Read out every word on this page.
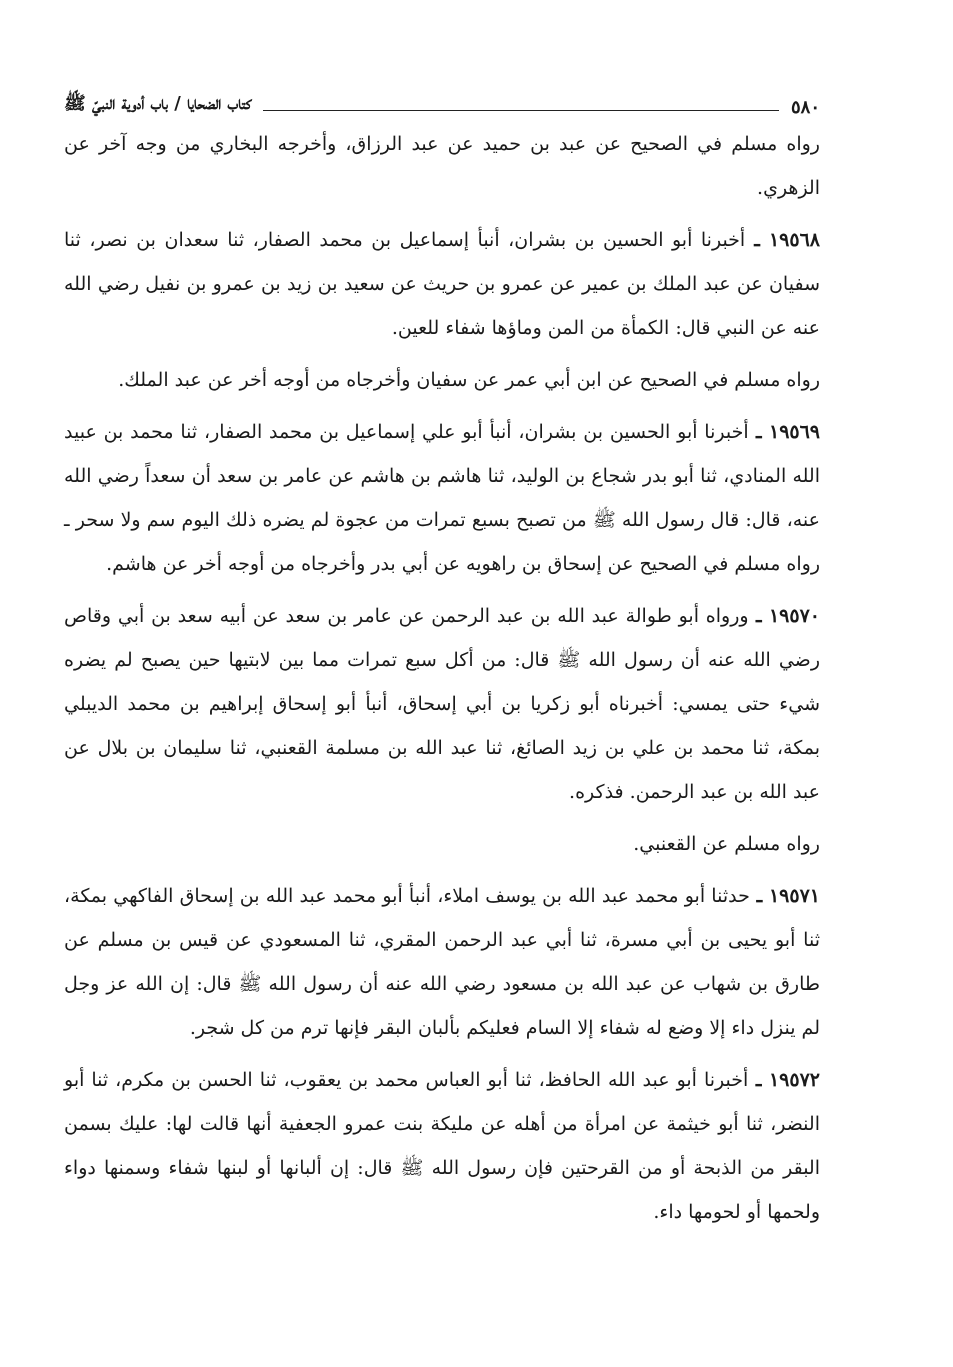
٥٨٠
كتاب الضحايا / باب أدوية النبيّ ﷺ

رواه مسلم في الصحيح عن عبد بن حميد عن عبد الرزاق، وأخرجه البخاري من وجه آخر عن الزهري.

١٩٥٦٨ ـ أخبرنا أبو الحسين بن بشران، أنبأ إسماعيل بن محمد الصفار، ثنا سعدان بن نصر، ثنا سفيان عن عبد الملك بن عمير عن عمرو بن حريث عن سعيد بن زيد بن عمرو بن نفيل رضي الله عنه عن النبي قال: الكمأة من المن وماؤها شفاء للعين.

رواه مسلم في الصحيح عن ابن أبي عمر عن سفيان وأخرجاه من أوجه أخر عن عبد الملك.

١٩٥٦٩ ـ أخبرنا أبو الحسين بن بشران، أنبأ أبو علي إسماعيل بن محمد الصفار، ثنا محمد بن عبيد الله المنادي، ثنا أبو بدر شجاع بن الوليد، ثنا هاشم بن هاشم عن عامر بن سعد أن سعداً رضي الله عنه، قال: قال رسول الله ﷺ من تصبح بسبع تمرات من عجوة لم يضره ذلك اليوم سم ولا سحر ـ رواه مسلم في الصحيح عن إسحاق بن راهويه عن أبي بدر وأخرجاه من أوجه أخر عن هاشم.

١٩٥٧٠ ـ ورواه أبو طوالة عبد الله بن عبد الرحمن عن عامر بن سعد عن أبيه سعد بن أبي وقاص رضي الله عنه أن رسول الله ﷺ قال: من أكل سبع تمرات مما بين لابتيها حين يصبح لم يضره شيء حتى يمسي: أخبرناه أبو زكريا بن أبي إسحاق، أنبأ أبو إسحاق إبراهيم بن محمد الديبلي بمكة، ثنا محمد بن علي بن زيد الصائغ، ثنا عبد الله بن مسلمة القعنبي، ثنا سليمان بن بلال عن عبد الله بن عبد الرحمن. فذكره.

رواه مسلم عن القعنبي.

١٩٥٧١ ـ حدثنا أبو محمد عبد الله بن يوسف املاء، أنبأ أبو محمد عبد الله بن إسحاق الفاكهي بمكة، ثنا أبو يحيى بن أبي مسرة، ثنا أبي عبد الرحمن المقري، ثنا المسعودي عن قيس بن مسلم عن طارق بن شهاب عن عبد الله بن مسعود رضي الله عنه أن رسول الله ﷺ قال: إن الله عز وجل لم ينزل داء إلا وضع له شفاء إلا السام فعليكم بألبان البقر فإنها ترم من كل شجر.

١٩٥٧٢ ـ أخبرنا أبو عبد الله الحافظ، ثنا أبو العباس محمد بن يعقوب، ثنا الحسن بن مكرم، ثنا أبو النضر، ثنا أبو خيثمة عن امرأة من أهله عن مليكة بنت عمرو الجعفية أنها قالت لها: عليك بسمن البقر من الذبحة أو من القرحتين فإن رسول الله ﷺ قال: إن ألبانها أو لبنها شفاء وسمنها دواء ولحمها أو لحومها داء.
